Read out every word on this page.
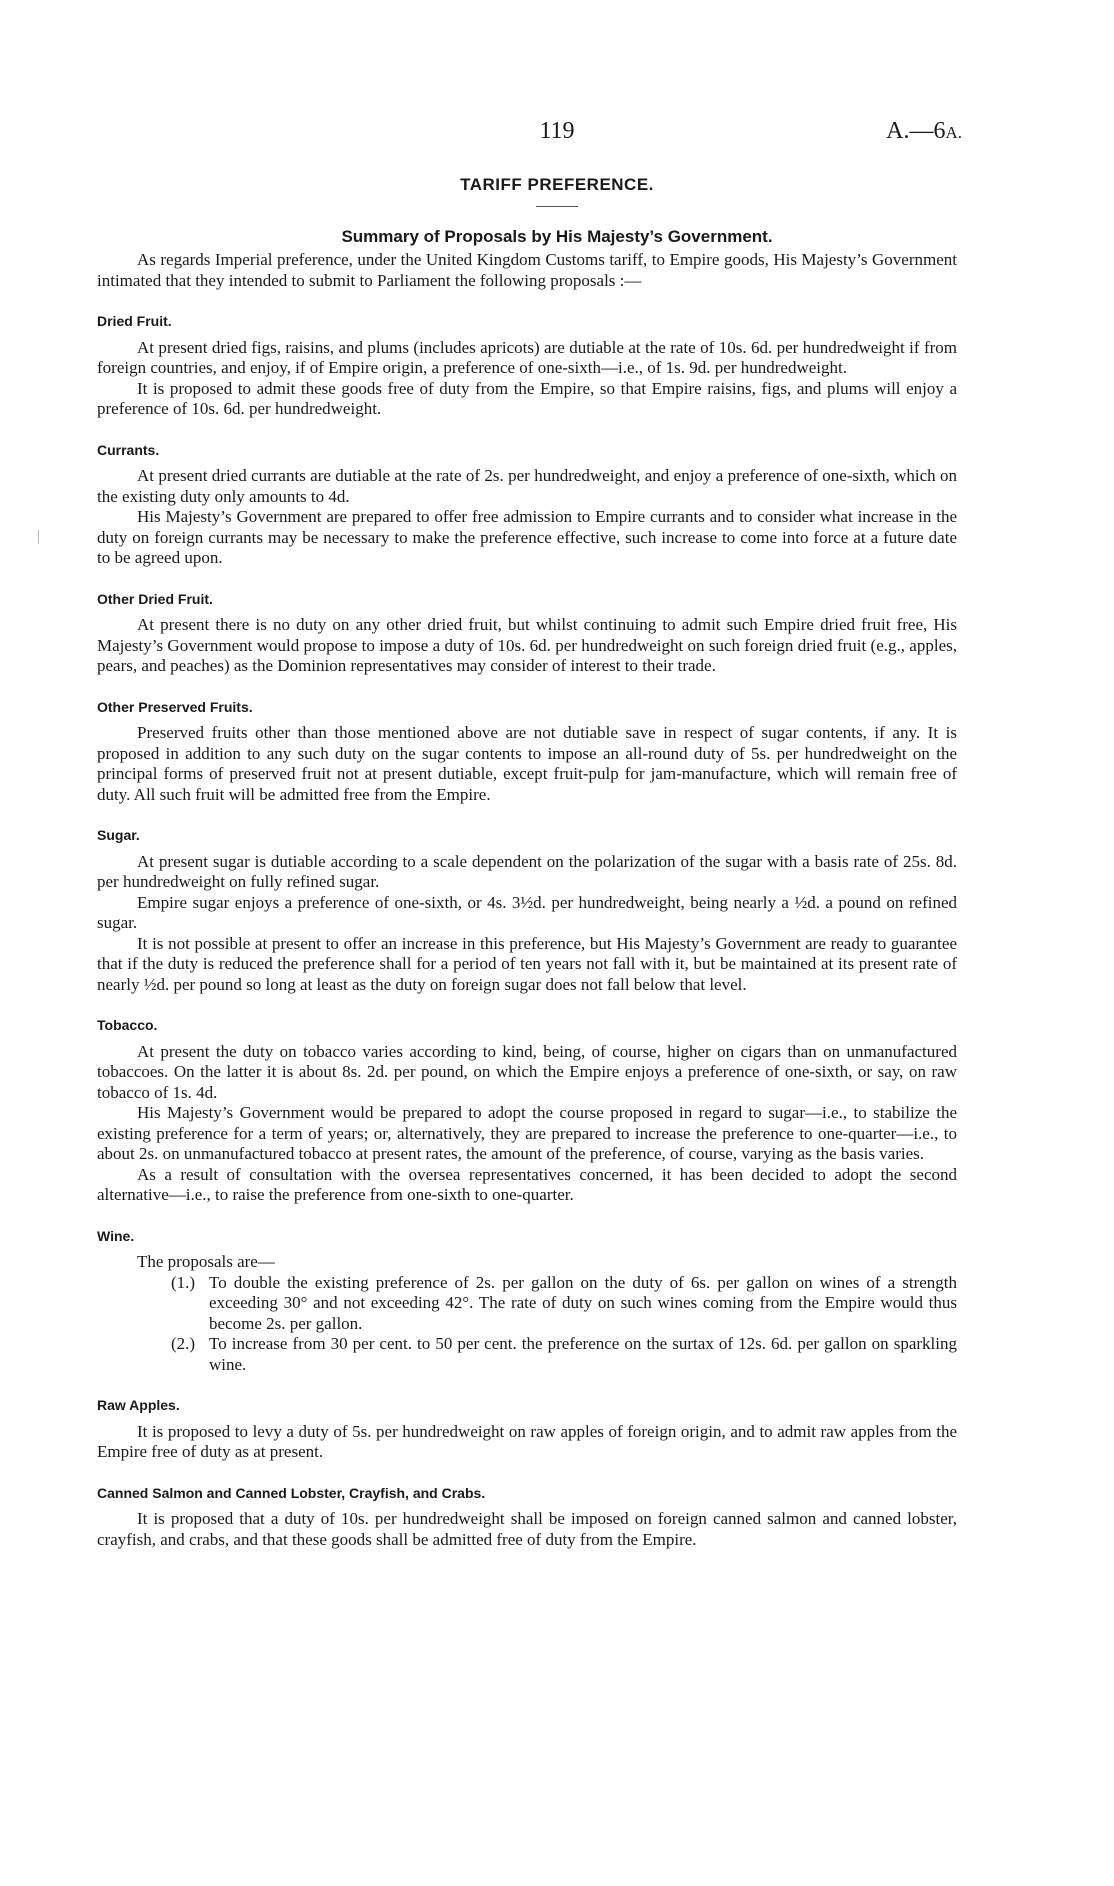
119	A.—6A.
TARIFF PREFERENCE.
Summary of Proposals by His Majesty’s Government.

As regards Imperial preference, under the United Kingdom Customs tariff, to Empire goods, His Majesty’s Government intimated that they intended to submit to Parliament the following proposals :—

Dried Fruit.

At present dried figs, raisins, and plums (includes apricots) are dutiable at the rate of 10s. 6d. per hundredweight if from foreign countries, and enjoy, if of Empire origin, a preference of one-sixth—i.e., of 1s. 9d. per hundredweight.

It is proposed to admit these goods free of duty from the Empire, so that Empire raisins, figs, and plums will enjoy a preference of 10s. 6d. per hundredweight.

Currants.

At present dried currants are dutiable at the rate of 2s. per hundredweight, and enjoy a preference of one-sixth, which on the existing duty only amounts to 4d.

His Majesty’s Government are prepared to offer free admission to Empire currants and to consider what increase in the duty on foreign currants may be necessary to make the preference effective, such increase to come into force at a future date to be agreed upon.

Other Dried Fruit.

At present there is no duty on any other dried fruit, but whilst continuing to admit such Empire dried fruit free, His Majesty’s Government would propose to impose a duty of 10s. 6d. per hundredweight on such foreign dried fruit (e.g., apples, pears, and peaches) as the Dominion representatives may consider of interest to their trade.

Other Preserved Fruits.

Preserved fruits other than those mentioned above are not dutiable save in respect of sugar contents, if any. It is proposed in addition to any such duty on the sugar contents to impose an all-round duty of 5s. per hundredweight on the principal forms of preserved fruit not at present dutiable, except fruit-pulp for jam-manufacture, which will remain free of duty. All such fruit will be admitted free from the Empire.

Sugar.

At present sugar is dutiable according to a scale dependent on the polarization of the sugar with a basis rate of 25s. 8d. per hundredweight on fully refined sugar.

Empire sugar enjoys a preference of one-sixth, or 4s. 3½d. per hundredweight, being nearly a ½d. a pound on refined sugar.

It is not possible at present to offer an increase in this preference, but His Majesty’s Government are ready to guarantee that if the duty is reduced the preference shall for a period of ten years not fall with it, but be maintained at its present rate of nearly ½d. per pound so long at least as the duty on foreign sugar does not fall below that level.

Tobacco.

At present the duty on tobacco varies according to kind, being, of course, higher on cigars than on unmanufactured tobaccoes. On the latter it is about 8s. 2d. per pound, on which the Empire enjoys a preference of one-sixth, or say, on raw tobacco of 1s. 4d.

His Majesty’s Government would be prepared to adopt the course proposed in regard to sugar—i.e., to stabilize the existing preference for a term of years; or, alternatively, they are prepared to increase the preference to one-quarter—i.e., to about 2s. on unmanufactured tobacco at present rates, the amount of the preference, of course, varying as the basis varies.

As a result of consultation with the oversea representatives concerned, it has been decided to adopt the second alternative—i.e., to raise the preference from one-sixth to one-quarter.

Wine.

The proposals are—

(1.) To double the existing preference of 2s. per gallon on the duty of 6s. per gallon on wines of a strength exceeding 30° and not exceeding 42°. The rate of duty on such wines coming from the Empire would thus become 2s. per gallon.
(2.) To increase from 30 per cent. to 50 per cent. the preference on the surtax of 12s. 6d. per gallon on sparkling wine.
Raw Apples.

It is proposed to levy a duty of 5s. per hundredweight on raw apples of foreign origin, and to admit raw apples from the Empire free of duty as at present.

Canned Salmon and Canned Lobster, Crayfish, and Crabs.

It is proposed that a duty of 10s. per hundredweight shall be imposed on foreign canned salmon and canned lobster, crayfish, and crabs, and that these goods shall be admitted free of duty from the Empire.
